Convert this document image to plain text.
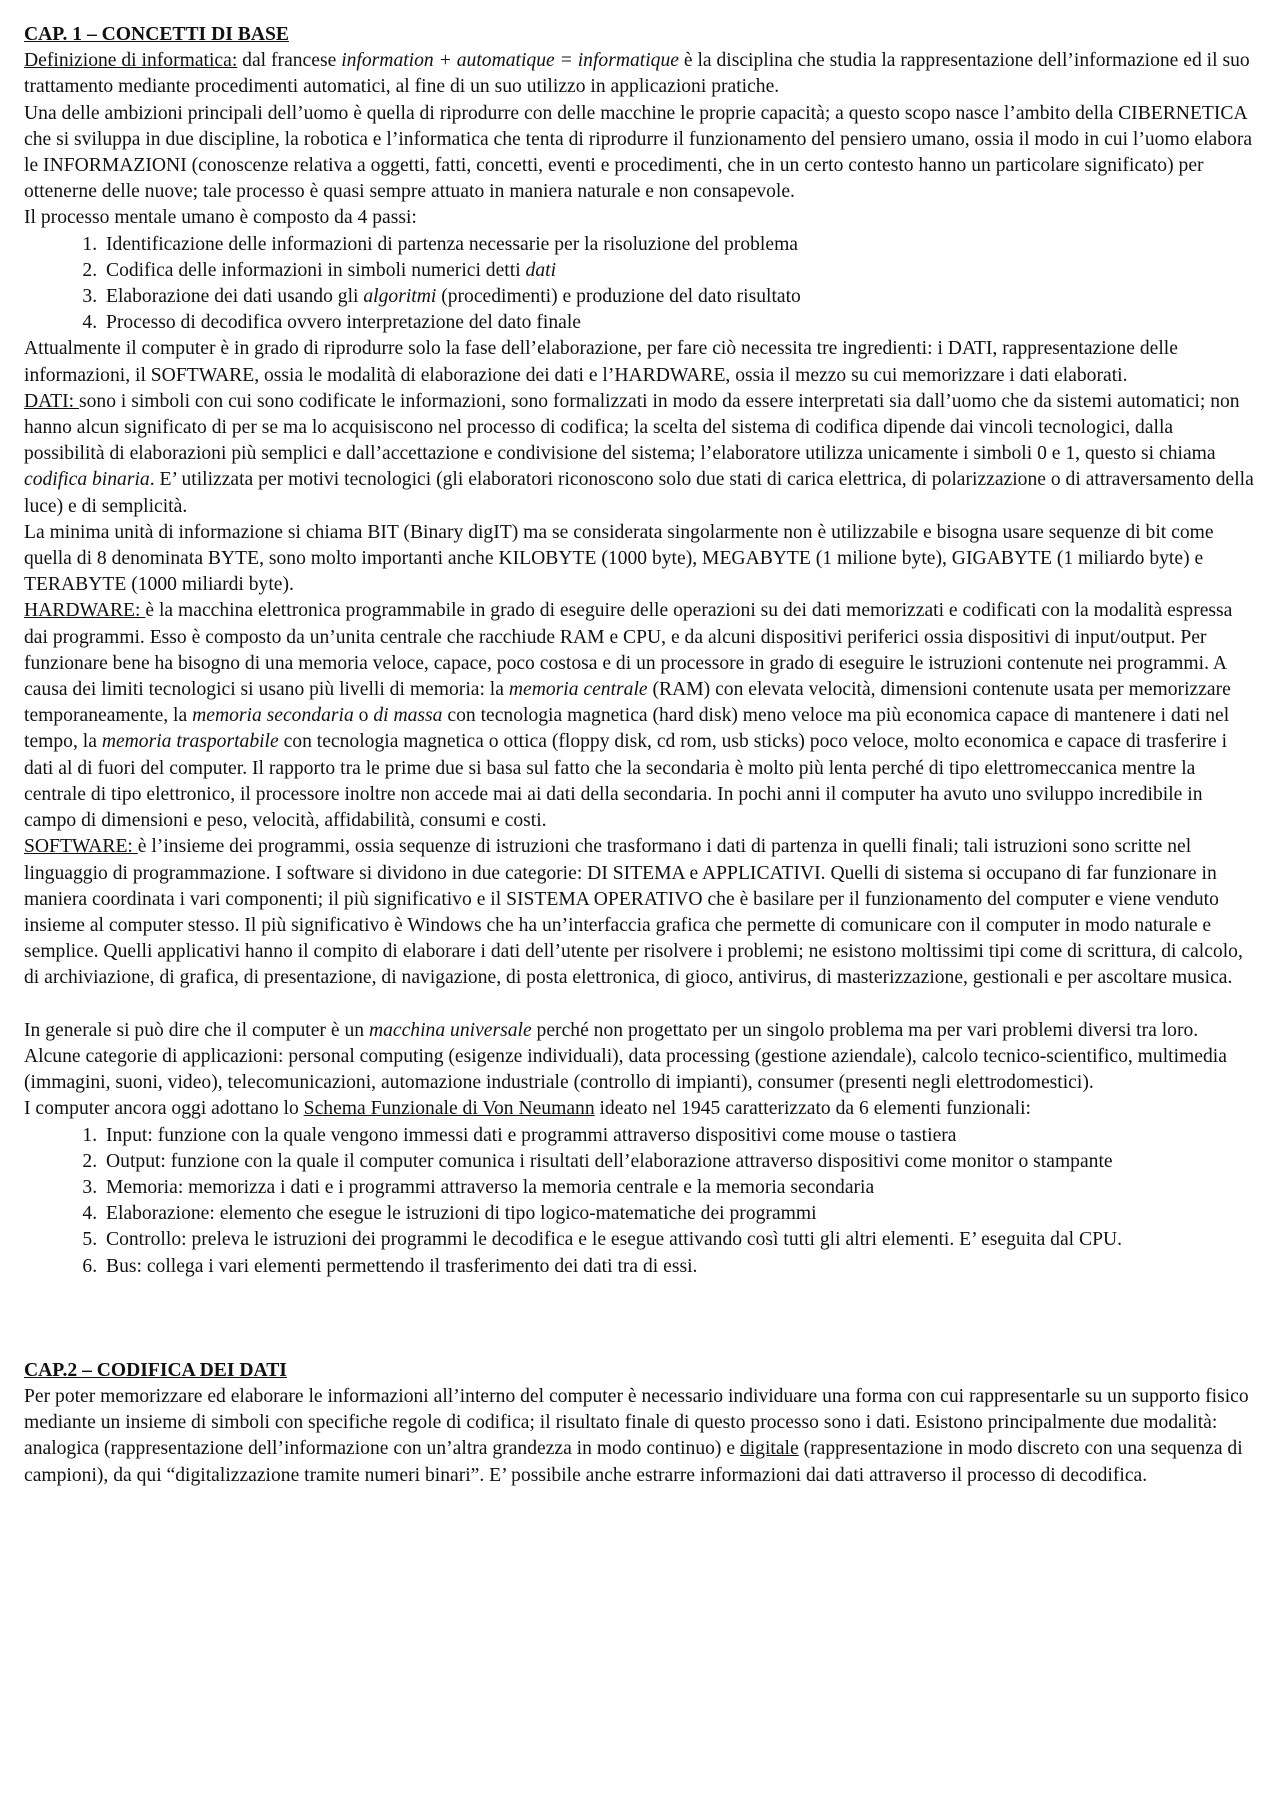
CAP. 1 – CONCETTI DI BASE

Definizione di informatica: dal francese information + automatique = informatique è la disciplina che studia la rappresentazione dell’informazione ed il suo trattamento mediante procedimenti automatici, al fine di un suo utilizzo in applicazioni pratiche.

Una delle ambizioni principali dell’uomo è quella di riprodurre con delle macchine le proprie capacità; a questo scopo nasce l’ambito della CIBERNETICA che si sviluppa in due discipline, la robotica e l’informatica che tenta di riprodurre il funzionamento del pensiero umano, ossia il modo in cui l’uomo elabora le INFORMAZIONI (conoscenze relativa a oggetti, fatti, concetti, eventi e procedimenti, che in un certo contesto hanno un particolare significato) per ottenerne delle nuove; tale processo è quasi sempre attuato in maniera naturale e non consapevole.

Il processo mentale umano è composto da 4 passi:

1. Identificazione delle informazioni di partenza necessarie per la risoluzione del problema
2. Codifica delle informazioni in simboli numerici detti dati
3. Elaborazione dei dati usando gli algoritmi (procedimenti) e produzione del dato risultato
4. Processo di decodifica ovvero interpretazione del dato finale

Attualmente il computer è in grado di riprodurre solo la fase dell’elaborazione, per fare ciò necessita tre ingredienti: i DATI, rappresentazione delle informazioni, il SOFTWARE, ossia le modalità di elaborazione dei dati e l’HARDWARE, ossia il mezzo su cui memorizzare i dati elaborati.

DATI: sono i simboli con cui sono codificate le informazioni, sono formalizzati in modo da essere interpretati sia dall’uomo che da sistemi automatici; non hanno alcun significato di per se ma lo acquisiscono nel processo di codifica; la scelta del sistema di codifica dipende dai vincoli tecnologici, dalla possibilità di elaborazioni più semplici e dall’accettazione e condivisione del sistema; l’elaboratore utilizza unicamente i simboli 0 e 1, questo si chiama codifica binaria. E’ utilizzata per motivi tecnologici (gli elaboratori riconoscono solo due stati di carica elettrica, di polarizzazione o di attraversamento della luce) e di semplicità.

La minima unità di informazione si chiama BIT (Binary digIT) ma se considerata singolarmente non è utilizzabile e bisogna usare sequenze di bit come quella di 8 denominata BYTE, sono molto importanti anche KILOBYTE (1000 byte), MEGABYTE (1 milione byte), GIGABYTE (1 miliardo byte) e TERABYTE (1000 miliardi byte).

HARDWARE: è la macchina elettronica programmabile in grado di eseguire delle operazioni su dei dati memorizzati e codificati con la modalità espressa dai programmi. Esso è composto da un’unita centrale che racchiude RAM e CPU, e da alcuni dispositivi periferici ossia dispositivi di input/output. Per funzionare bene ha bisogno di una memoria veloce, capace, poco costosa e di un processore in grado di eseguire le istruzioni contenute nei programmi. A causa dei limiti tecnologici si usano più livelli di memoria: la memoria centrale (RAM) con elevata velocità, dimensioni contenute usata per memorizzare temporaneamente, la memoria secondaria o di massa con tecnologia magnetica (hard disk) meno veloce ma più economica capace di mantenere i dati nel tempo, la memoria trasportabile con tecnologia magnetica o ottica (floppy disk, cd rom, usb sticks) poco veloce, molto economica e capace di trasferire i dati al di fuori del computer. Il rapporto tra le prime due si basa sul fatto che la secondaria è molto più lenta perché di tipo elettromeccanica mentre la centrale di tipo elettronico, il processore inoltre non accede mai ai dati della secondaria. In pochi anni il computer ha avuto uno sviluppo incredibile in campo di dimensioni e peso, velocità, affidabilità, consumi e costi.

SOFTWARE: è l’insieme dei programmi, ossia sequenze di istruzioni che trasformano i dati di partenza in quelli finali; tali istruzioni sono scritte nel linguaggio di programmazione. I software si dividono in due categorie: DI SITEMA e APPLICATIVI. Quelli di sistema si occupano di far funzionare in maniera coordinata i vari componenti; il più significativo e il SISTEMA OPERATIVO che è basilare per il funzionamento del computer e viene venduto insieme al computer stesso. Il più significativo è Windows che ha un’interfaccia grafica che permette di comunicare con il computer in modo naturale e semplice. Quelli applicativi hanno il compito di elaborare i dati dell’utente per risolvere i problemi; ne esistono moltissimi tipi come di scrittura, di calcolo, di archiviazione, di grafica, di presentazione, di navigazione, di posta elettronica, di gioco, antivirus, di masterizzazione, gestionali e per ascoltare musica.

In generale si può dire che il computer è un macchina universale perché non progettato per un singolo problema ma per vari problemi diversi tra loro. Alcune categorie di applicazioni: personal computing (esigenze individuali), data processing (gestione aziendale), calcolo tecnico-scientifico, multimedia (immagini, suoni, video), telecomunicazioni, automazione industriale (controllo di impianti), consumer (presenti negli elettrodomestici).

I computer ancora oggi adottano lo Schema Funzionale di Von Neumann ideato nel 1945 caratterizzato da 6 elementi funzionali:

1. Input: funzione con la quale vengono immessi dati e programmi attraverso dispositivi come mouse o tastiera
2. Output: funzione con la quale il computer comunica i risultati dell’elaborazione attraverso dispositivi come monitor o stampante
3. Memoria: memorizza i dati e i programmi attraverso la memoria centrale e la memoria secondaria
4. Elaborazione: elemento che esegue le istruzioni di tipo logico-matematiche dei programmi
5. Controllo: preleva le istruzioni dei programmi le decodifica e le esegue attivando così tutti gli altri elementi. E’ eseguita dal CPU.
6. Bus: collega i vari elementi permettendo il trasferimento dei dati tra di essi.

CAP.2 – CODIFICA DEI DATI

Per poter memorizzare ed elaborare le informazioni all’interno del computer è necessario individuare una forma con cui rappresentarle su un supporto fisico mediante un insieme di simboli con specifiche regole di codifica; il risultato finale di questo processo sono i dati. Esistono principalmente due modalità: analogica (rappresentazione dell’informazione con un’altra grandezza in modo continuo) e digitale (rappresentazione in modo discreto con una sequenza di campioni), da qui “digitalizzazione tramite numeri binari”. E’ possibile anche estrarre informazioni dai dati attraverso il processo di decodifica.
